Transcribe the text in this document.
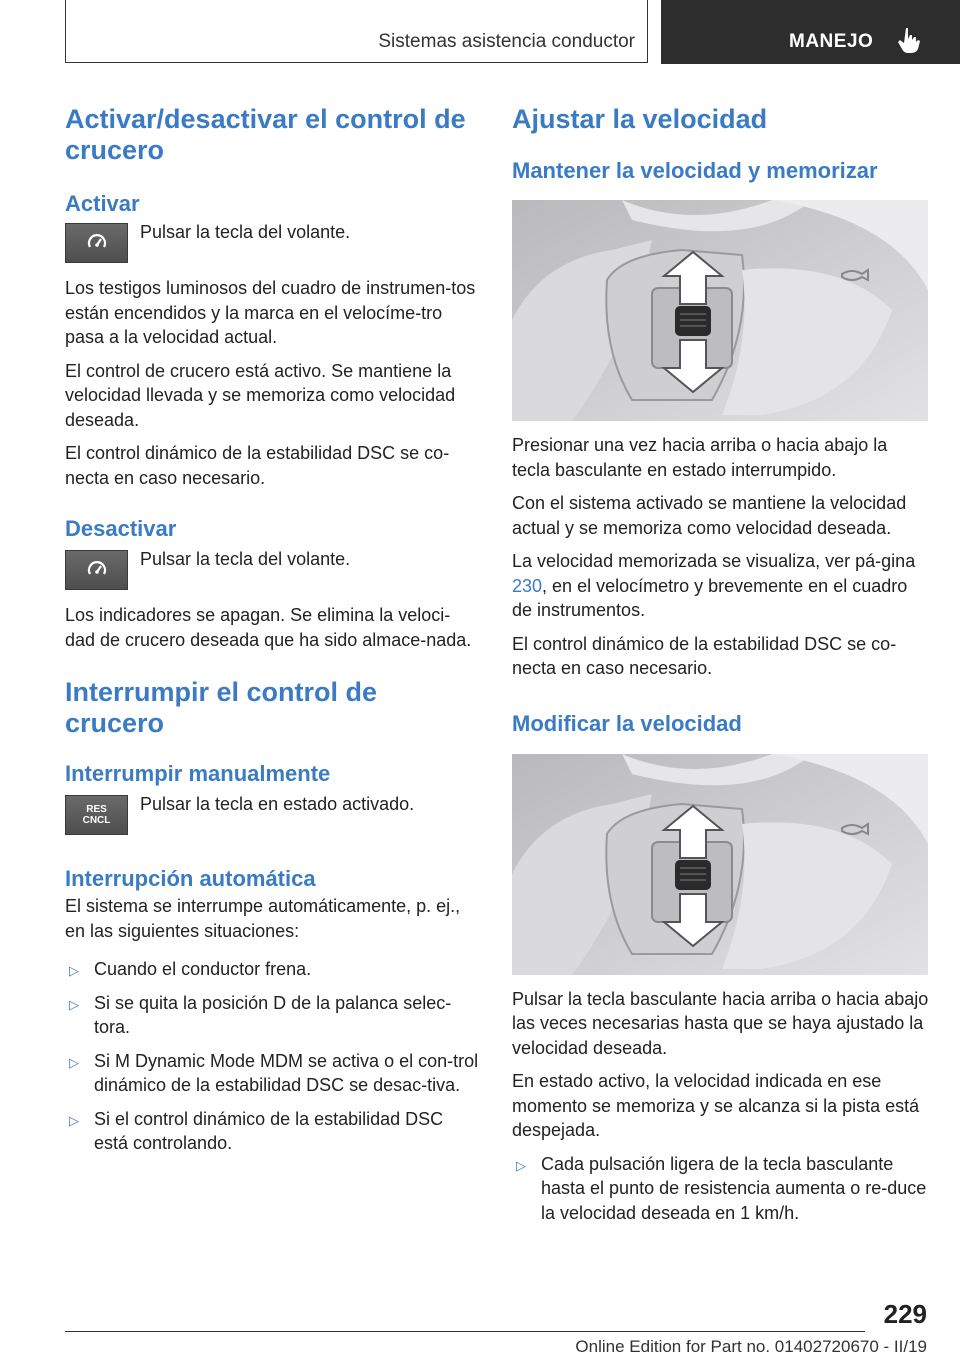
Sistemas asistencia conductor	MANEJO
Activar/desactivar el control de crucero
Activar
Pulsar la tecla del volante.

Los testigos luminosos del cuadro de instrumen-tos están encendidos y la marca en el velocíme-tro pasa a la velocidad actual.

El control de crucero está activo. Se mantiene la velocidad llevada y se memoriza como velocidad deseada.

El control dinámico de la estabilidad DSC se co-necta en caso necesario.

Desactivar
Pulsar la tecla del volante.

Los indicadores se apagan. Se elimina la veloci-dad de crucero deseada que ha sido almace-nada.

Interrumpir el control de crucero
Interrumpir manualmente
RES
CNCL
Pulsar la tecla en estado activado.
Interrupción automática

El sistema se interrumpe automáticamente, p. ej., en las siguientes situaciones:

▷ Cuando el conductor frena.
▷ Si se quita la posición D de la palanca selec-tora.
▷ Si M Dynamic Mode MDM se activa o el con-trol dinámico de la estabilidad DSC se desac-tiva.
▷ Si el control dinámico de la estabilidad DSC está controlando.
Ajustar la velocidad
Mantener la velocidad y memorizar

Presionar una vez hacia arriba o hacia abajo la tecla basculante en estado interrumpido.

Con el sistema activado se mantiene la velocidad actual y se memoriza como velocidad deseada.

La velocidad memorizada se visualiza, ver pá-gina 230, en el velocímetro y brevemente en el cuadro de instrumentos.

El control dinámico de la estabilidad DSC se co-necta en caso necesario.

Modificar la velocidad

Pulsar la tecla basculante hacia arriba o hacia abajo las veces necesarias hasta que se haya ajustado la velocidad deseada.

En estado activo, la velocidad indicada en ese momento se memoriza y se alcanza si la pista está despejada.

▷ Cada pulsación ligera de la tecla basculante hasta el punto de resistencia aumenta o re-duce la velocidad deseada en 1 km/h.
229
Online Edition for Part no. 01402720670 - II/19
